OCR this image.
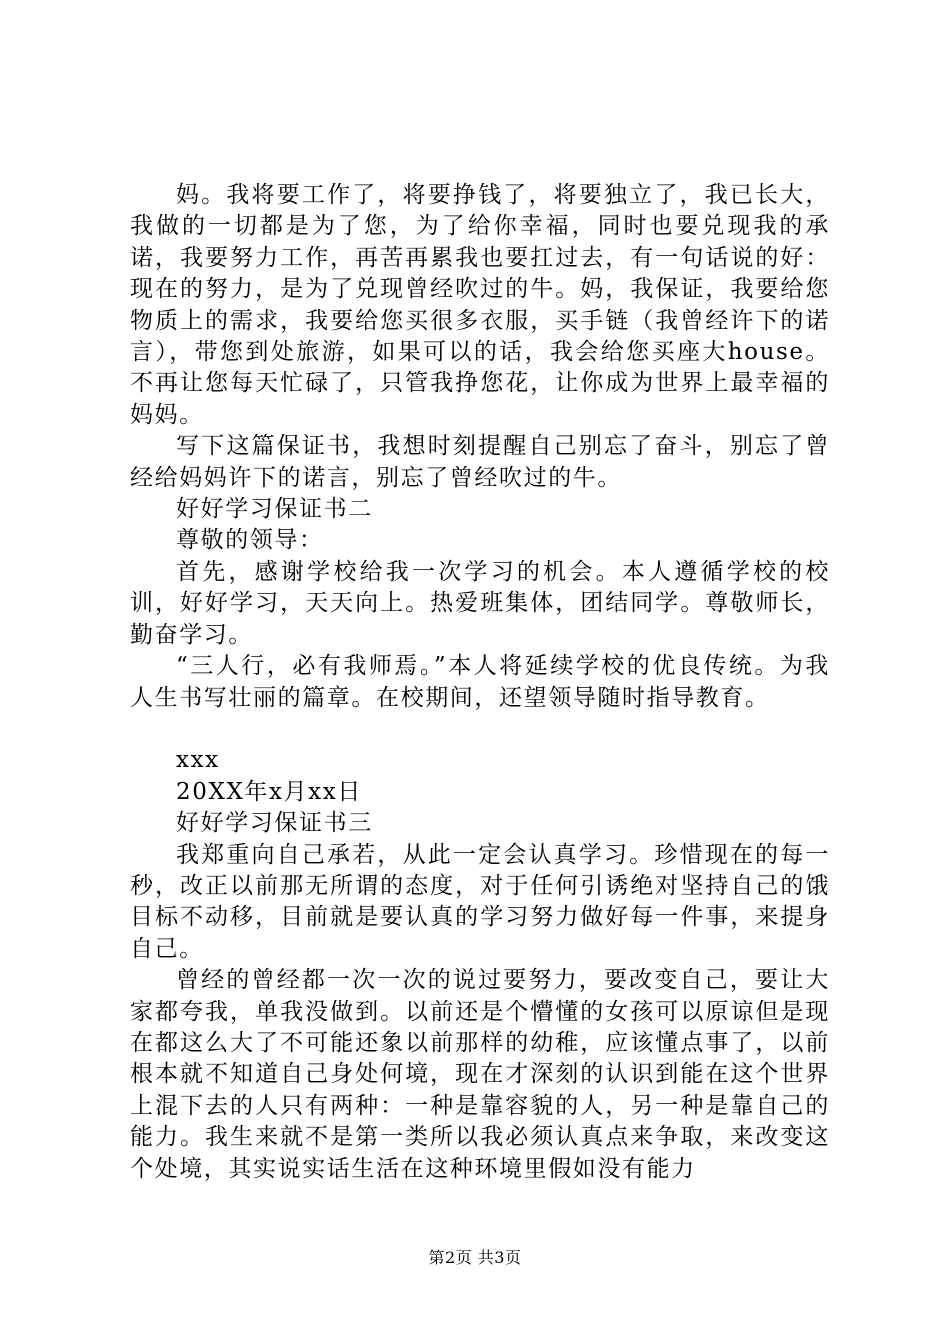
妈。我将要工作了，将要挣钱了，将要独立了，我已长大，我做的一切都是为了您，为了给你幸福，同时也要兑现我的承诺，我要努力工作，再苦再累我也要扛过去，有一句话说的好：现在的努力，是为了兑现曾经吹过的牛。妈，我保证，我要给您物质上的需求，我要给您买很多衣服，买手链（我曾经许下的诺言），带您到处旅游，如果可以的话，我会给您买座大house。不再让您每天忙碌了，只管我挣您花，让你成为世界上最幸福的妈妈。

写下这篇保证书，我想时刻提醒自己别忘了奋斗，别忘了曾经给妈妈许下的诺言，别忘了曾经吹过的牛。

好好学习保证书二

尊敬的领导：

首先，感谢学校给我一次学习的机会。本人遵循学校的校训，好好学习，天天向上。热爱班集体，团结同学。尊敬师长，勤奋学习。

“三人行，必有我师焉。”本人将延续学校的优良传统。为我人生书写壮丽的篇章。在校期间，还望领导随时指导教育。

xxx

20XX年x月xx日

好好学习保证书三

我郑重向自己承若，从此一定会认真学习。珍惜现在的每一秒，改正以前那无所谓的态度，对于任何引诱绝对坚持自己的饿目标不动移，目前就是要认真的学习努力做好每一件事，来提身自己。

曾经的曾经都一次一次的说过要努力，要改变自己，要让大家都夸我，单我没做到。以前还是个懵懂的女孩可以原谅但是现在都这么大了不可能还象以前那样的幼稚，应该懂点事了，以前根本就不知道自己身处何境，现在才深刻的认识到能在这个世界上混下去的人只有两种：一种是靠容貌的人，另一种是靠自己的能力。我生来就不是第一类所以我必须认真点来争取，来改变这个处境，其实说实话生活在这种环境里假如没有能力

第2页 共3页
